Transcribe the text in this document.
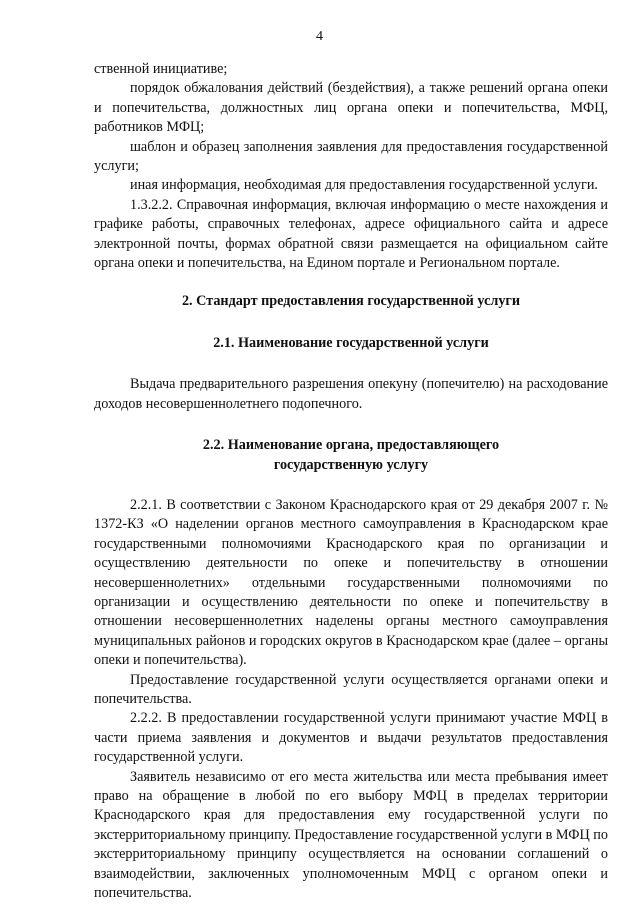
4

ственной инициативе;

порядок обжалования действий (бездействия), а также решений органа опеки и попечительства, должностных лиц органа опеки и попечительства, МФЦ, работников МФЦ;

шаблон и образец заполнения заявления для предоставления государственной услуги;

иная информация, необходимая для предоставления государственной услуги.

1.3.2.2. Справочная информация, включая информацию о месте нахождения и графике работы, справочных телефонах, адресе официального сайта и адресе электронной почты, формах обратной связи размещается на официальном сайте органа опеки и попечительства, на Едином портале и Региональном портале.

2. Стандарт предоставления государственной услуги

2.1. Наименование государственной услуги

Выдача предварительного разрешения опекуну (попечителю) на расходование доходов несовершеннолетнего подопечного.

2.2. Наименование органа, предоставляющего

государственную услугу

2.2.1. В соответствии с Законом Краснодарского края от 29 декабря 2007 г. № 1372-КЗ «О наделении органов местного самоуправления в Краснодарском крае государственными полномочиями Краснодарского края по организации и осуществлению деятельности по опеке и попечительству в отношении несовершеннолетних» отдельными государственными полномочиями по организации и осуществлению деятельности по опеке и попечительству в отношении несовершеннолетних наделены органы местного самоуправления муниципальных районов и городских округов в Краснодарском крае (далее – органы опеки и попечительства).

Предоставление государственной услуги осуществляется органами опеки и попечительства.

2.2.2. В предоставлении государственной услуги принимают участие МФЦ в части приема заявления и документов и выдачи результатов предоставления государственной услуги.

Заявитель независимо от его места жительства или места пребывания имеет право на обращение в любой по его выбору МФЦ в пределах территории Краснодарского края для предоставления ему государственной услуги по экстерриториальному принципу. Предоставление государственной услуги в МФЦ по экстерриториальному принципу осуществляется на основании соглашений о взаимодействии, заключенных уполномоченным МФЦ с органом опеки и попечительства.
